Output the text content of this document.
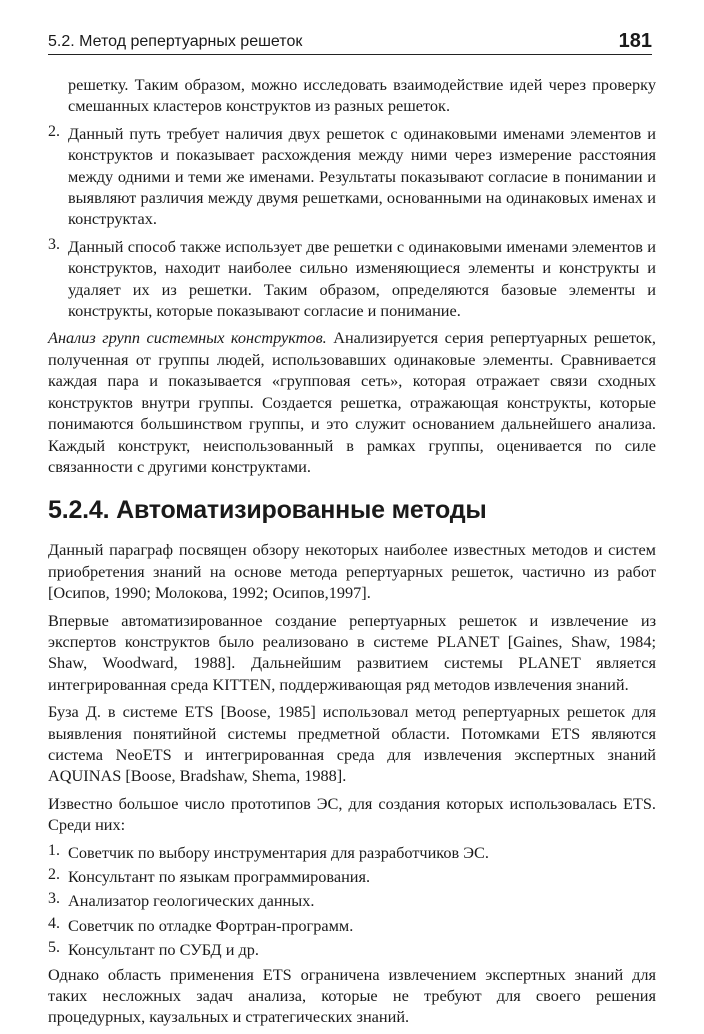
5.2. Метод репертуарных решеток	181

решетку. Таким образом, можно исследовать взаимодействие идей через проверку смешанных кластеров конструктов из разных решеток.

2. Данный путь требует наличия двух решеток с одинаковыми именами элементов и конструктов и показывает расхождения между ними через измерение расстояния между одними и теми же именами. Результаты показывают согласие в понимании и выявляют различия между двумя решетками, основанными на одинаковых именах и конструктах.

3. Данный способ также использует две решетки с одинаковыми именами элементов и конструктов, находит наиболее сильно изменяющиеся элементы и конструкты и удаляет их из решетки. Таким образом, определяются базовые элементы и конструкты, которые показывают согласие и понимание.

Анализ групп системных конструктов. Анализируется серия репертуарных решеток, полученная от группы людей, использовавших одинаковые элементы. Сравнивается каждая пара и показывается «групповая сеть», которая отражает связи сходных конструктов внутри группы. Создается решетка, отражающая конструкты, которые понимаются большинством группы, и это служит основанием дальнейшего анализа. Каждый конструкт, неиспользованный в рамках группы, оценивается по силе связанности с другими конструктами.

5.2.4. Автоматизированные методы

Данный параграф посвящен обзору некоторых наиболее известных методов и систем приобретения знаний на основе метода репертуарных решеток, частично из работ [Осипов, 1990; Молокова, 1992; Осипов,1997].

Впервые автоматизированное создание репертуарных решеток и извлечение из экспертов конструктов было реализовано в системе PLANET [Gaines, Shaw, 1984; Shaw, Woodward, 1988]. Дальнейшим развитием системы PLANET является интегрированная среда KITTEN, поддерживающая ряд методов извлечения знаний.

Буза Д. в системе ETS [Boose, 1985] использовал метод репертуарных решеток для выявления понятийной системы предметной области. Потомками ETS являются система NeoETS и интегрированная среда для извлечения экспертных знаний AQUINAS [Boose, Bradshaw, Shema, 1988].

Известно большое число прототипов ЭС, для создания которых использовалась ETS. Среди них:

1. Советчик по выбору инструментария для разработчиков ЭС.

2. Консультант по языкам программирования.

3. Анализатор геологических данных.

4. Советчик по отладке Фортран-программ.

5. Консультант по СУБД и др.

Однако область применения ETS ограничена извлечением экспертных знаний для таких несложных задач анализа, которые не требуют для своего решения процедурных, каузальных и стратегических знаний.
